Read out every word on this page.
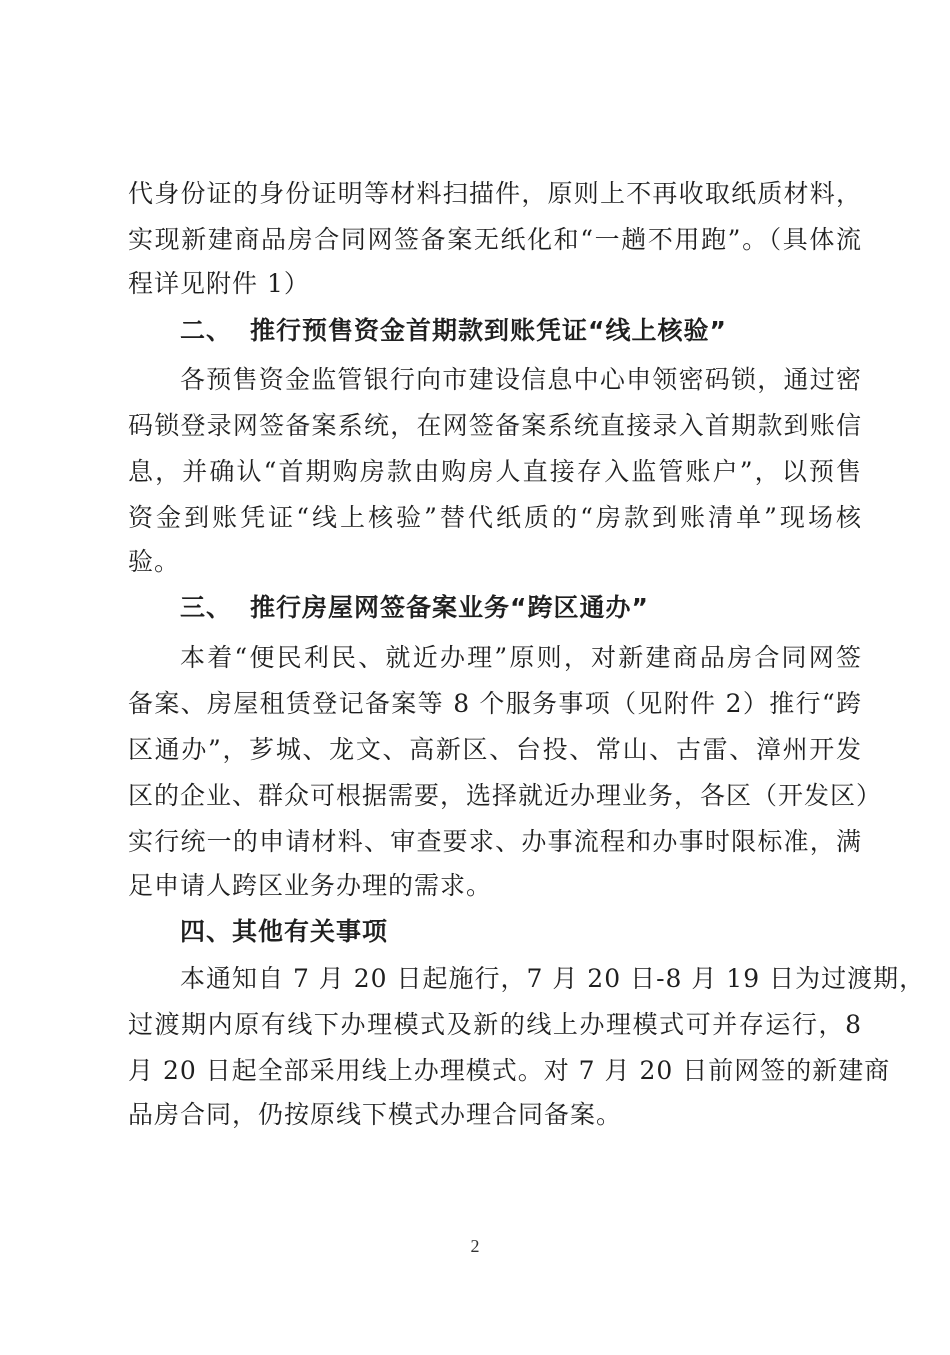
代身份证的身份证明等材料扫描件，原则上不再收取纸质材料，
实现新建商品房合同网签备案无纸化和“一趟不用跑”。（具体流
程详见附件 1）
二、 推行预售资金首期款到账凭证“线上核验”
各预售资金监管银行向市建设信息中心申领密码锁，通过密
码锁登录网签备案系统，在网签备案系统直接录入首期款到账信
息，并确认“首期购房款由购房人直接存入监管账户”，以预售
资金到账凭证“线上核验”替代纸质的“房款到账清单”现场核
验。
三、 推行房屋网签备案业务“跨区通办”
本着“便民利民、就近办理”原则，对新建商品房合同网签
备案、房屋租赁登记备案等 8 个服务事项（见附件 2）推行“跨
区通办”，芗城、龙文、高新区、台投、常山、古雷、漳州开发
区的企业、群众可根据需要，选择就近办理业务，各区（开发区）
实行统一的申请材料、审查要求、办事流程和办事时限标准，满
足申请人跨区业务办理的需求。
四、其他有关事项
本通知自 7 月 20 日起施行，7 月 20 日-8 月 19 日为过渡期，
过渡期内原有线下办理模式及新的线上办理模式可并存运行，8
月 20 日起全部采用线上办理模式。对 7 月 20 日前网签的新建商
品房合同，仍按原线下模式办理合同备案。
2
